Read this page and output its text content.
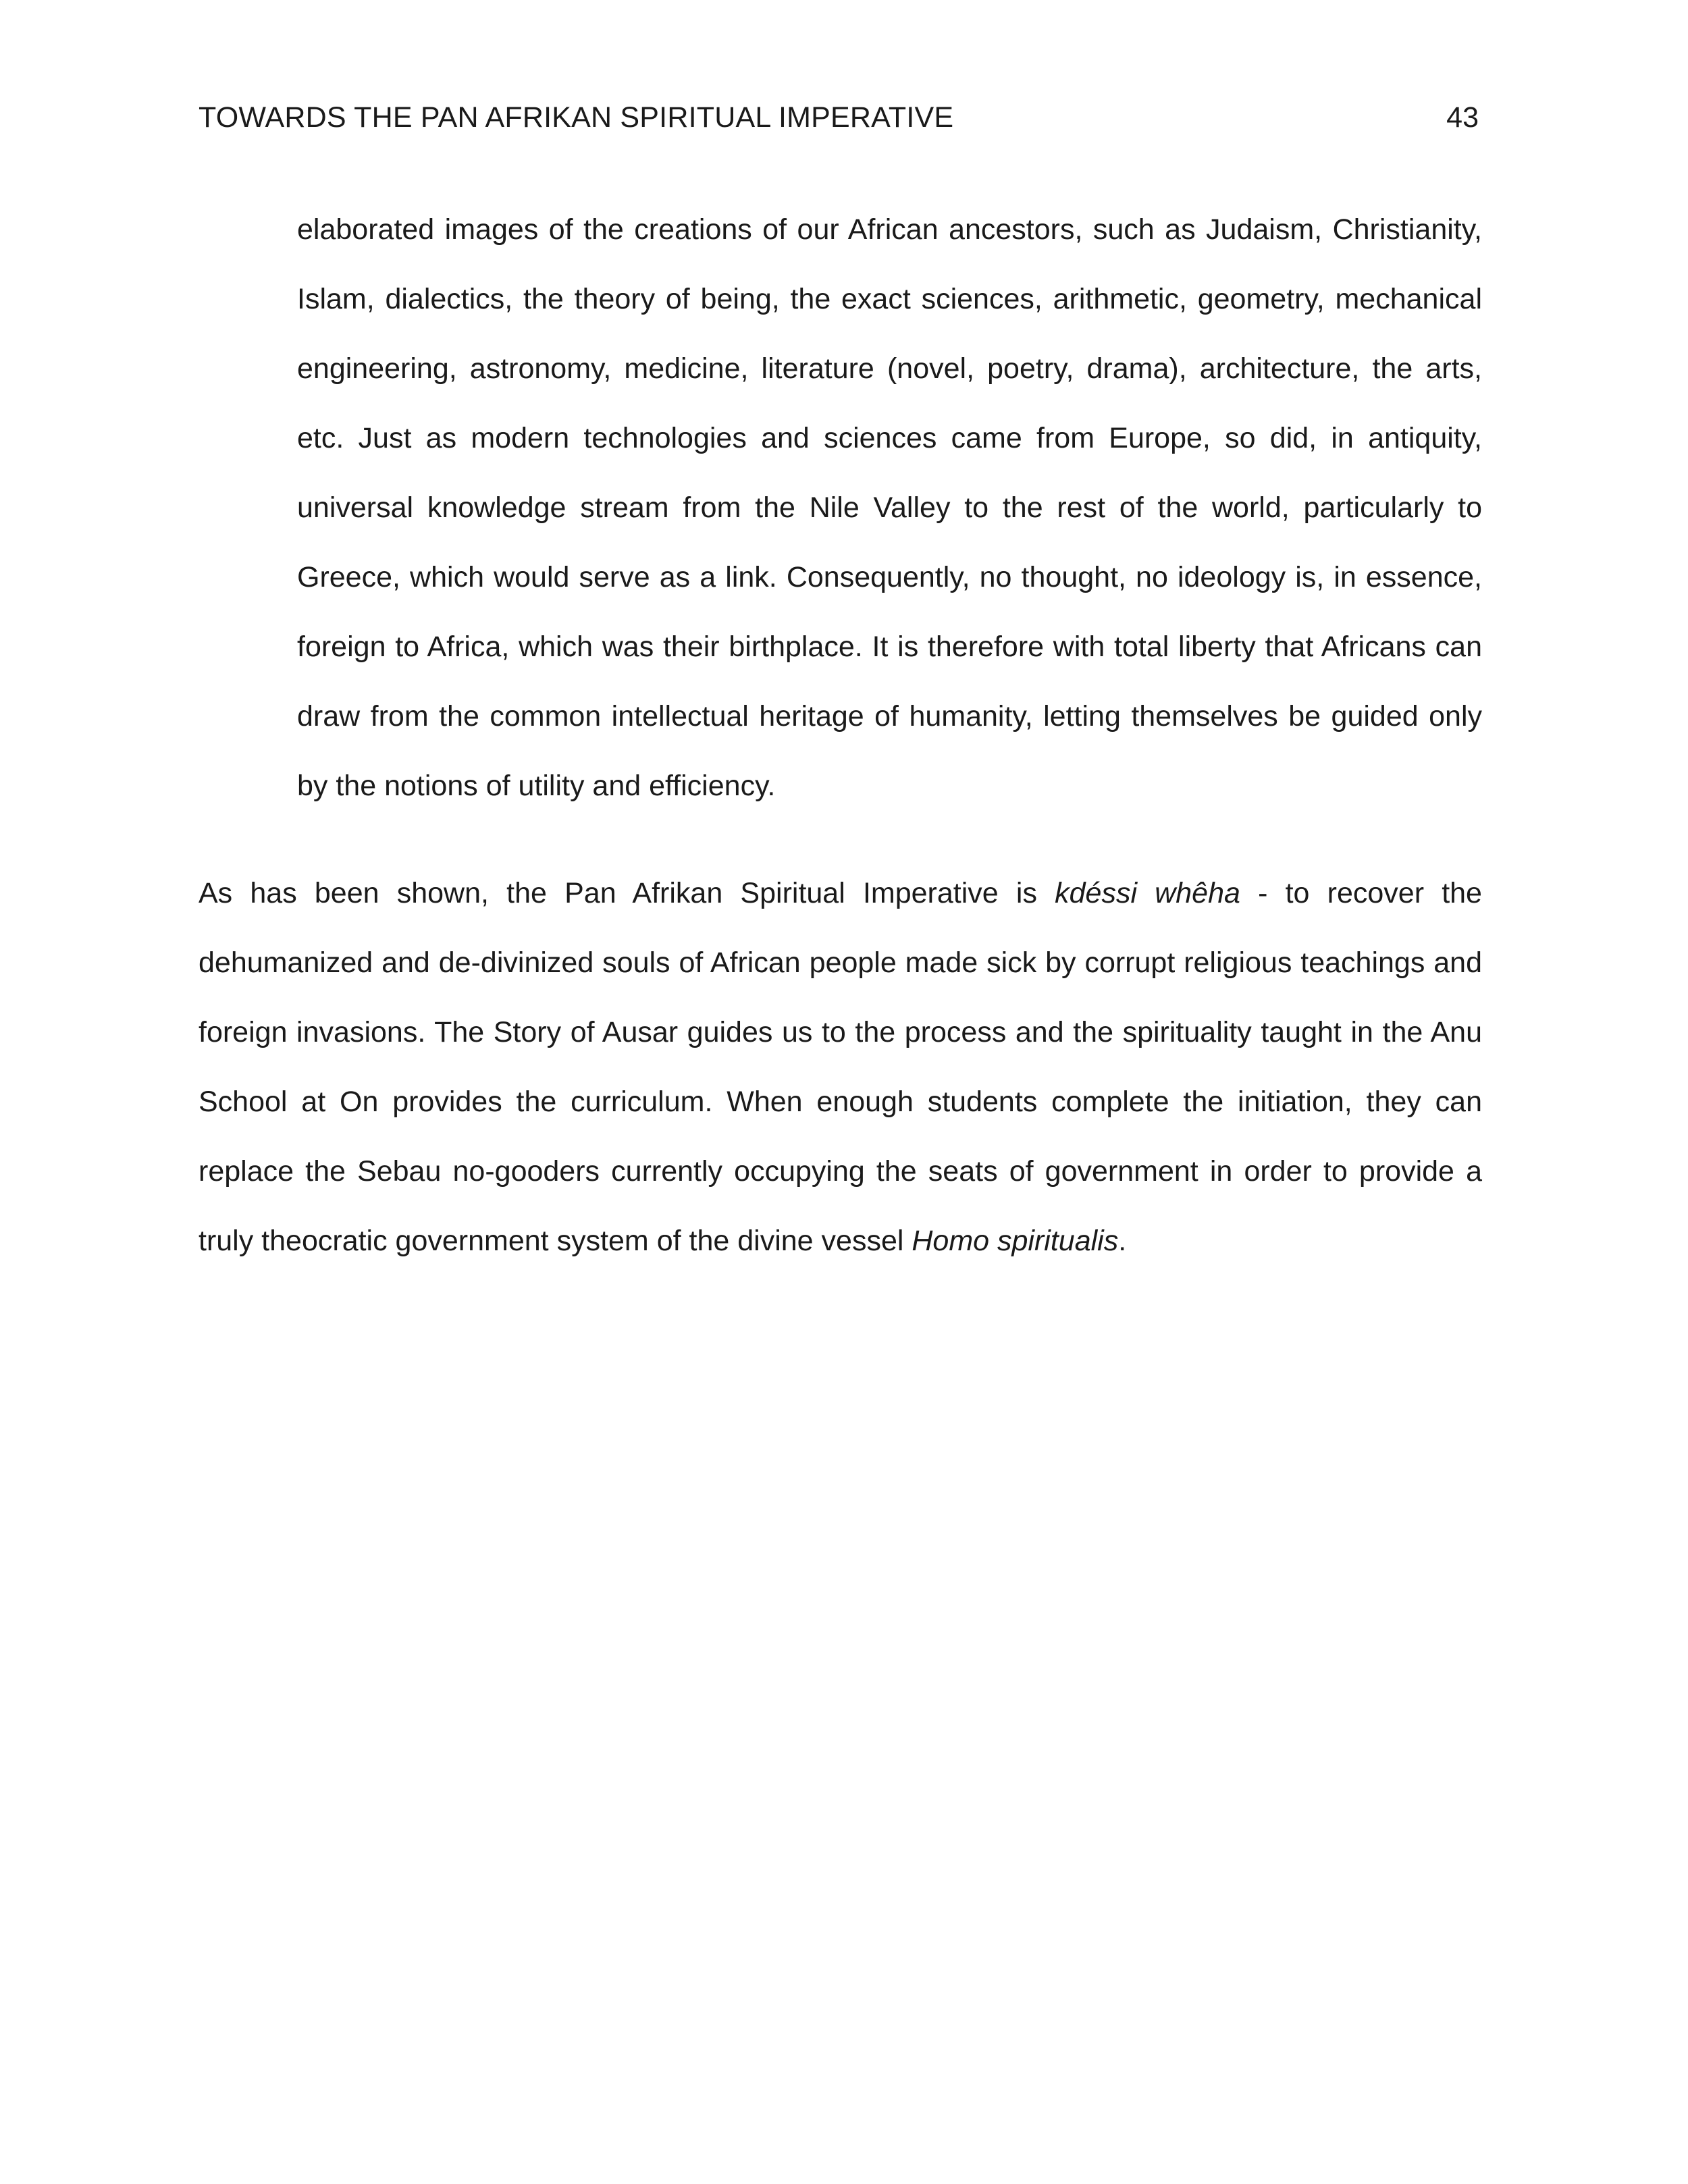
TOWARDS THE PAN AFRIKAN SPIRITUAL IMPERATIVE	43

elaborated images of the creations of our African ancestors, such as Judaism, Christianity, Islam, dialectics, the theory of being, the exact sciences, arithmetic, geometry, mechanical engineering, astronomy, medicine, literature (novel, poetry, drama), architecture, the arts, etc. Just as modern technologies and sciences came from Europe, so did, in antiquity, universal knowledge stream from the Nile Valley to the rest of the world, particularly to Greece, which would serve as a link. Consequently, no thought, no ideology is, in essence, foreign to Africa, which was their birthplace. It is therefore with total liberty that Africans can draw from the common intellectual heritage of humanity, letting themselves be guided only by the notions of utility and efficiency.

As has been shown, the Pan Afrikan Spiritual Imperative is kdéssi whêha - to recover the dehumanized and de-divinized souls of African people made sick by corrupt religious teachings and foreign invasions. The Story of Ausar guides us to the process and the spirituality taught in the Anu School at On provides the curriculum. When enough students complete the initiation, they can replace the Sebau no-gooders currently occupying the seats of government in order to provide a truly theocratic government system of the divine vessel Homo spiritualis.
